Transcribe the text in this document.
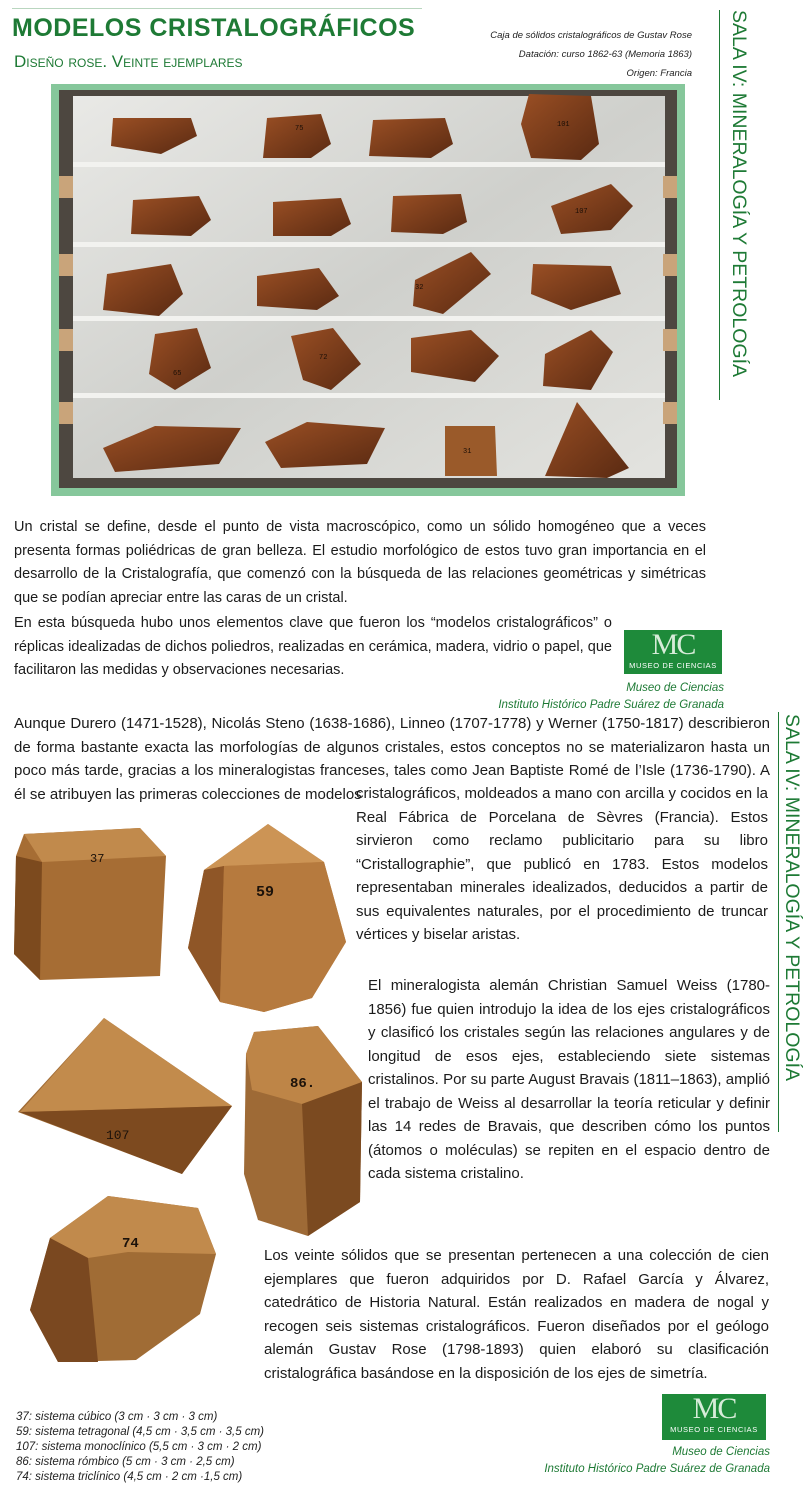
MODELOS CRISTALOGRÁFICOS
Diseño rose. Veinte ejemplares
Caja de sólidos cristalográficos de Gustav Rose
Datación: curso 1862-63 (Memoria 1863)
Origen: Francia SALA IV: MINERALOGÍA Y PETROLOGÍA
101
75
107
32
65
72
31
Un cristal se define, desde el punto de vista macroscópico, como un sólido homogéneo que a veces presenta formas poliédricas de gran belleza. El estudio morfológico de estos tuvo gran importancia en el desarrollo de la Cristalografía, que comenzó con la búsqueda de las relaciones geométricas y simétricas que se podían apreciar entre las caras de un cristal.
En esta búsqueda hubo unos elementos clave que fueron los “modelos cristalográficos” o réplicas idealizadas de dichos poliedros, realizadas en cerámica, madera, vidrio o papel, que facilitaron las medidas y observaciones necesarias.
MC
MUSEO DE CIENCIAS
Museo de Ciencias
Instituto Histórico Padre Suárez de Granada
SALA IV: MINERALOGÍA Y PETROLOGÍA
Aunque Durero (1471-1528), Nicolás Steno (1638-1686), Linneo (1707-1778) y Werner (1750-1817) describieron de forma bastante exacta las morfologías de algunos cristales, estos conceptos no se materializaron hasta un poco más tarde, gracias a los mineralogistas franceses, tales como Jean Baptiste Romé de l’Isle (1736-1790). A él se atribuyen las primeras colecciones de modelos
cristalográficos, moldeados a mano con arcilla y cocidos en la Real Fábrica de Porcelana de Sèvres (Francia). Estos sirvieron como reclamo publicitario para su libro “Cristallographie”, que publicó en 1783. Estos modelos representaban minerales idealizados, deducidos a partir de sus equivalentes naturales, por el procedimiento de truncar vértices y biselar aristas.
El mineralogista alemán Christian Samuel Weiss (1780-1856) fue quien introdujo la idea de los ejes cristalográficos y clasificó los cristales según las relaciones angulares y de longitud de esos ejes, estableciendo siete sistemas cristalinos. Por su parte August Bravais (1811–1863), amplió el trabajo de Weiss al desarrollar la teoría reticular y definir las 14 redes de Bravais, que describen cómo los puntos (átomos o moléculas) se repiten en el espacio dentro de cada sistema cristalino.
37
59
107
86.
74
Los veinte sólidos que se presentan pertenecen a una colección de cien ejemplares que fueron adquiridos por D. Rafael García y Álvarez, catedrático de Historia Natural. Están realizados en madera de nogal y recogen seis sistemas cristalográficos. Fueron diseñados por el geólogo alemán Gustav Rose (1798-1893) quien elaboró su clasificación cristalográfica basándose en la disposición de los ejes de simetría.
MC
MUSEO DE CIENCIAS
Museo de Ciencias
Instituto Histórico Padre Suárez de Granada
37: sistema cúbico (3 cm · 3 cm · 3 cm)
59: sistema tetragonal (4,5 cm · 3,5 cm · 3,5 cm)
107: sistema monoclínico (5,5 cm · 3 cm · 2 cm)
86: sistema rómbico (5 cm · 3 cm · 2,5 cm)
74: sistema triclínico (4,5 cm · 2 cm ·1,5 cm)
